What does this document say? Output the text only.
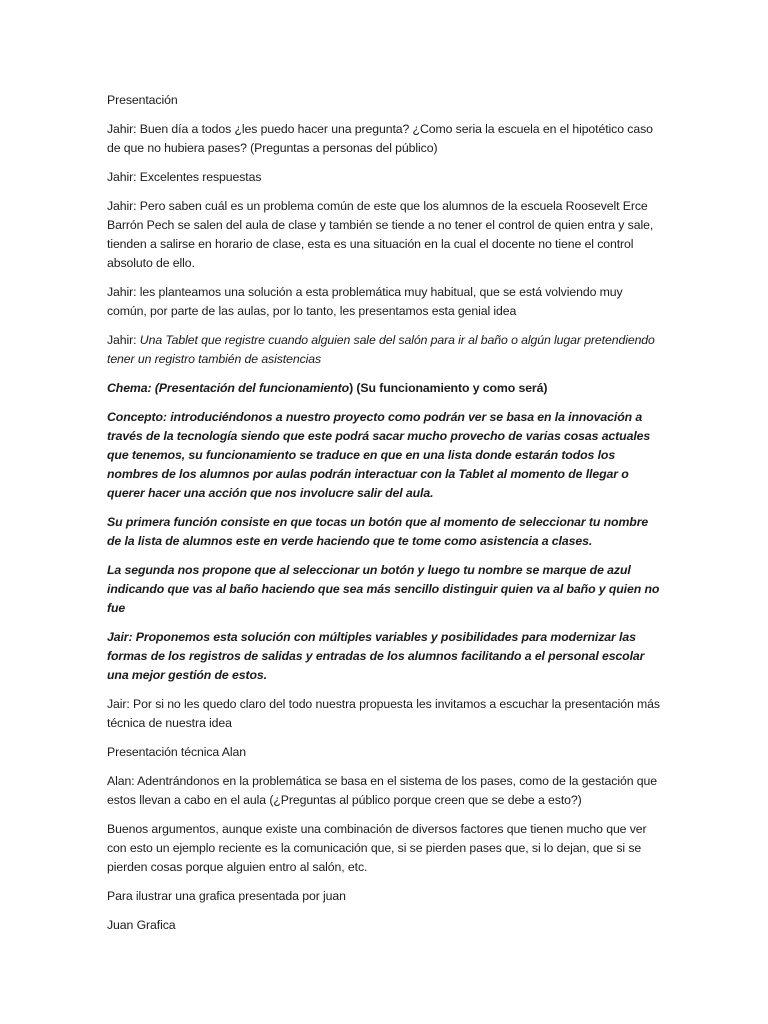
Presentación

Jahir: Buen día a todos ¿les puedo hacer una pregunta? ¿Como seria la escuela en el hipotético caso de que no hubiera pases? (Preguntas a personas del público)

Jahir: Excelentes respuestas

Jahir: Pero saben cuál es un problema común de este que los alumnos de la escuela Roosevelt Erce Barrón Pech se salen del aula de clase y también se tiende a no tener el control de quien entra y sale, tienden a salirse en horario de clase, esta es una situación en la cual el docente no tiene el control absoluto de ello.

Jahir: les planteamos una solución a esta problemática muy habitual, que se está volviendo muy común, por parte de las aulas, por lo tanto, les presentamos esta genial idea

Jahir: Una Tablet que registre cuando alguien sale del salón para ir al baño o algún lugar pretendiendo tener un registro también de asistencias

Chema: (Presentación del funcionamiento) (Su funcionamiento y como será)

Concepto: introduciéndonos a nuestro proyecto como podrán ver se basa en la innovación a través de la tecnología siendo que este podrá sacar mucho provecho de varias cosas actuales que tenemos, su funcionamiento se traduce en que en una lista donde estarán todos los nombres de los alumnos por aulas podrán interactuar con la Tablet al momento de llegar o querer hacer una acción que nos involucre salir del aula.

Su primera función consiste en que tocas un botón que al momento de seleccionar tu nombre de la lista de alumnos este en verde haciendo que te tome como asistencia a clases.

La segunda nos propone que al seleccionar un botón y luego tu nombre se marque de azul indicando que vas al baño haciendo que sea más sencillo distinguir quien va al baño y quien no fue

Jair: Proponemos esta solución con múltiples variables y posibilidades para modernizar las formas de los registros de salidas y entradas de los alumnos facilitando a el personal escolar una mejor gestión de estos.

Jair: Por si no les quedo claro del todo nuestra propuesta les invitamos a escuchar la presentación más técnica de nuestra idea

Presentación técnica Alan

Alan: Adentrándonos en la problemática se basa en el sistema de los pases, como de la gestación que estos llevan a cabo en el aula (¿Preguntas al público porque creen que se debe a esto?)

Buenos argumentos, aunque existe una combinación de diversos factores que tienen mucho que ver con esto un ejemplo reciente es la comunicación que, si se pierden pases que, si lo dejan, que si se pierden cosas porque alguien entro al salón, etc.

Para ilustrar una grafica presentada por juan

Juan Grafica
